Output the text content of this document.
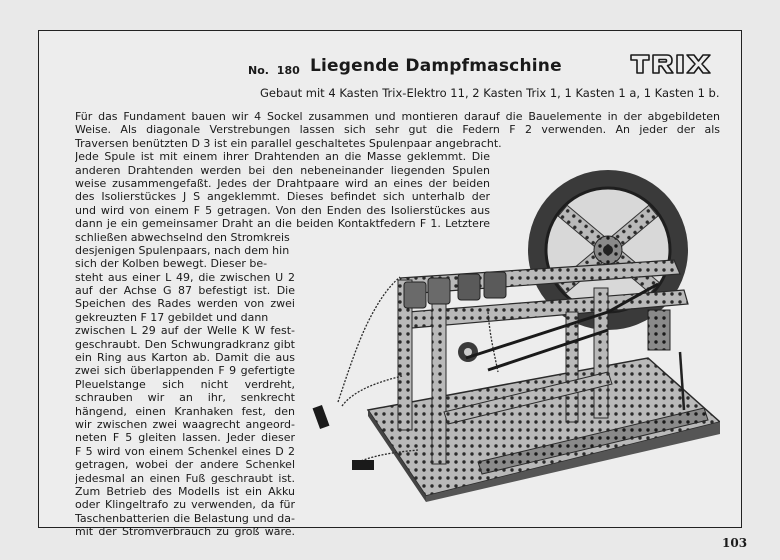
No. 180 Liegende Dampfmaschine
Gebaut mit 4 Kasten Trix-Elektro 11, 2 Kasten Trix 1, 1 Kasten 1 a, 1 Kasten 1 b.
Für das Fundament bauen wir 4 Sockel zusammen und montieren darauf die Bauelemente in der abgebildeten
Weise. Als diagonale Verstrebungen lassen sich sehr gut die Federn F 2 verwenden. An jeder der als
Traversen benützten D 3 ist ein parallel geschaltetes Spulenpaar angebracht.
Jede Spule ist mit einem ihrer Drahtenden an die Masse geklemmt. Die
anderen Drahtenden werden bei den nebeneinander liegenden Spulen
weise zusammengefaßt. Jedes der Drahtpaare wird an eines der beiden
des Isolierstückes J S angeklemmt. Dieses befindet sich unterhalb der
und wird von einem F 5 getragen. Von den Enden des Isolierstückes aus
dann je ein gemeinsamer Draht an die beiden Kontaktfedern F 1. Letztere
schließen abwechselnd den Stromkreis
desjenigen Spulenpaars, nach dem hin
sich der Kolben bewegt. Dieser be-
steht aus einer L 49, die zwischen U 2
auf der Achse G 87 befestigt ist. Die
Speichen des Rades werden von zwei
gekreuzten F 17 gebildet und dann
zwischen L 29 auf der Welle K W fest-
geschraubt. Den Schwungradkranz gibt
ein Ring aus Karton ab. Damit die aus
zwei sich überlappenden F 9 gefertigte
Pleuelstange sich nicht verdreht,
schrauben wir an ihr, senkrecht
hängend, einen Kranhaken fest, den
wir zwischen zwei waagrecht angeord-
neten F 5 gleiten lassen. Jeder dieser
F 5 wird von einem Schenkel eines D 2
getragen, wobei der andere Schenkel
jedesmal an einen Fuß geschraubt ist.
Zum Betrieb des Modells ist ein Akku
oder Klingeltrafo zu verwenden, da für
Taschenbatterien die Belastung und da-
mit der Stromverbrauch zu groß wäre.
103
